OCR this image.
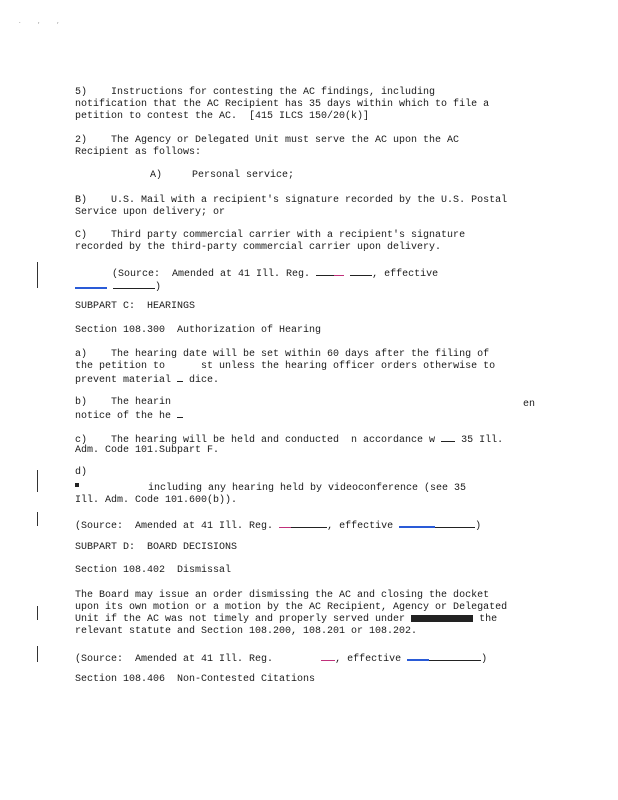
. , ,
5)    Instructions for contesting the AC findings, including
notification that the AC Recipient has 35 days within which to file a
petition to contest the AC.  [415 ILCS 150/20(k)]
2)    The Agency or Delegated Unit must serve the AC upon the AC
Recipient as follows:
A)     Personal service;
B)    U.S. Mail with a recipient's signature recorded by the U.S. Postal
Service upon delivery; or
C)    Third party commercial carrier with a recipient's signature
recorded by the third-party commercial carrier upon delivery.
(Source:  Amended at 41 Ill. Reg.	, effective
)
SUBPART C:  HEARINGS
Section 108.300  Authorization of Hearing
a)    The hearing date will be set within 60 days after the filing of
the petition to	st unless the hearing officer orders otherwise to
prevent material dice.
b)    The hearin	en
notice of the he
c)    The hearing will be held and conducted  n accordance w	35 Ill.
Adm. Code 101.Subpart F.
d)
including any hearing held by videoconference (see 35
Ill. Adm. Code 101.600(b)).
(Source:  Amended at 41 Ill. Reg.	, effective	)
SUBPART D:  BOARD DECISIONS
Section 108.402  Dismissal
The Board may issue an order dismissing the AC and closing the docket
upon its own motion or a motion by the AC Recipient, Agency or Delegated
Unit if the AC was not timely and properly served under	the
relevant statute and Section 108.200, 108.201 or 108.202.
(Source:  Amended at 41 Ill. Reg.	, effective	)
Section 108.406  Non-Contested Citations
